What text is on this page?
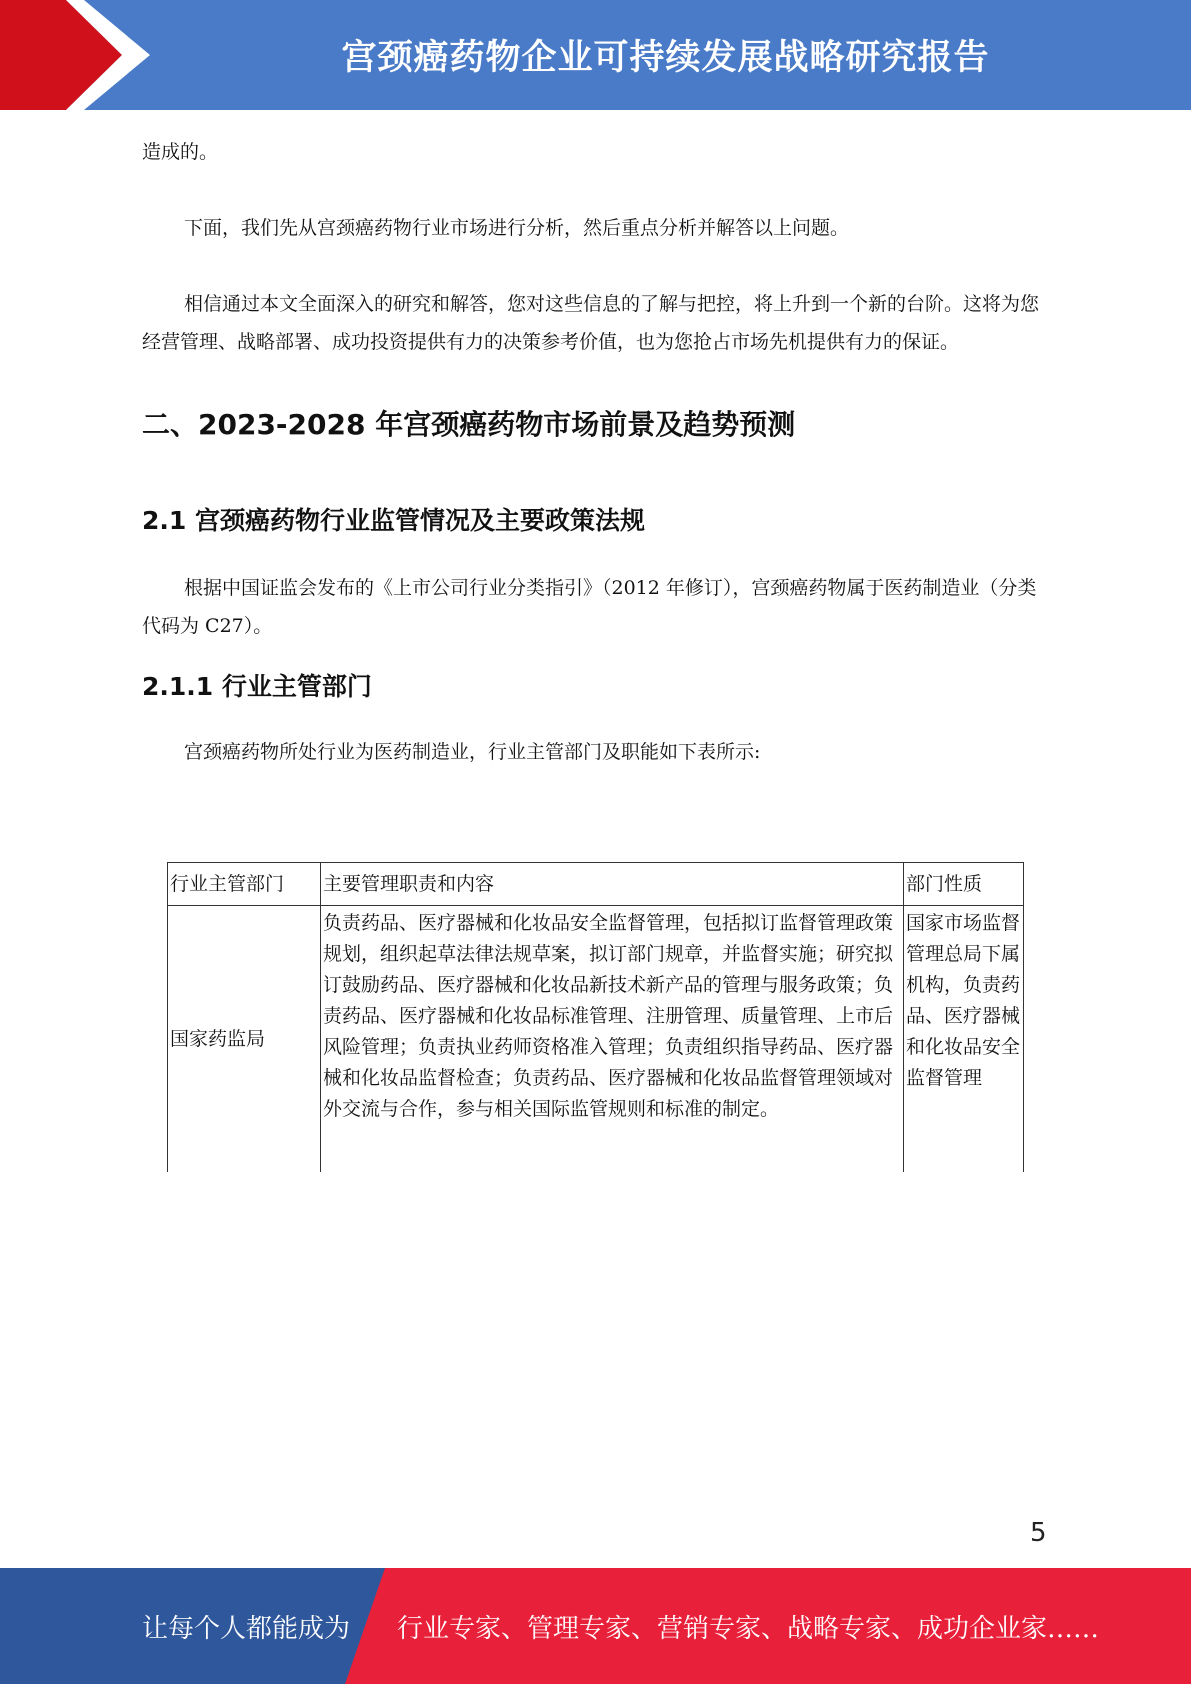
宫颈癌药物企业可持续发展战略研究报告

造成的。

下面，我们先从宫颈癌药物行业市场进行分析，然后重点分析并解答以上问题。

相信通过本文全面深入的研究和解答，您对这些信息的了解与把控，将上升到一个新的台阶。这将为您经营管理、战略部署、成功投资提供有力的决策参考价值，也为您抢占市场先机提供有力的保证。

二、2023-2028 年宫颈癌药物市场前景及趋势预测
2.1 宫颈癌药物行业监管情况及主要政策法规

根据中国证监会发布的《上市公司行业分类指引》（2012 年修订），宫颈癌药物属于医药制造业（分类代码为 C27）。

2.1.1 行业主管部门

宫颈癌药物所处行业为医药制造业，行业主管部门及职能如下表所示:

行业主管部门	主要管理职责和内容	部门性质
国家药监局	负责药品、医疗器械和化妆品安全监督管理，包括拟订监督管理政策规划，组织起草法律法规草案，拟订部门规章，并监督实施；研究拟订鼓励药品、医疗器械和化妆品新技术新产品的管理与服务政策；负责药品、医疗器械和化妆品标准管理、注册管理、质量管理、上市后风险管理；负责执业药师资格准入管理；负责组织指导药品、医疗器械和化妆品监督检查；负责药品、医疗器械和化妆品监督管理领域对外交流与合作，参与相关国际监管规则和标准的制定。	国家市场监督管理总局下属机构，负责药品、医疗器械和化妆品安全监督管理
5
让每个人都能成为 行业专家、管理专家、营销专家、战略专家、成功企业家……
